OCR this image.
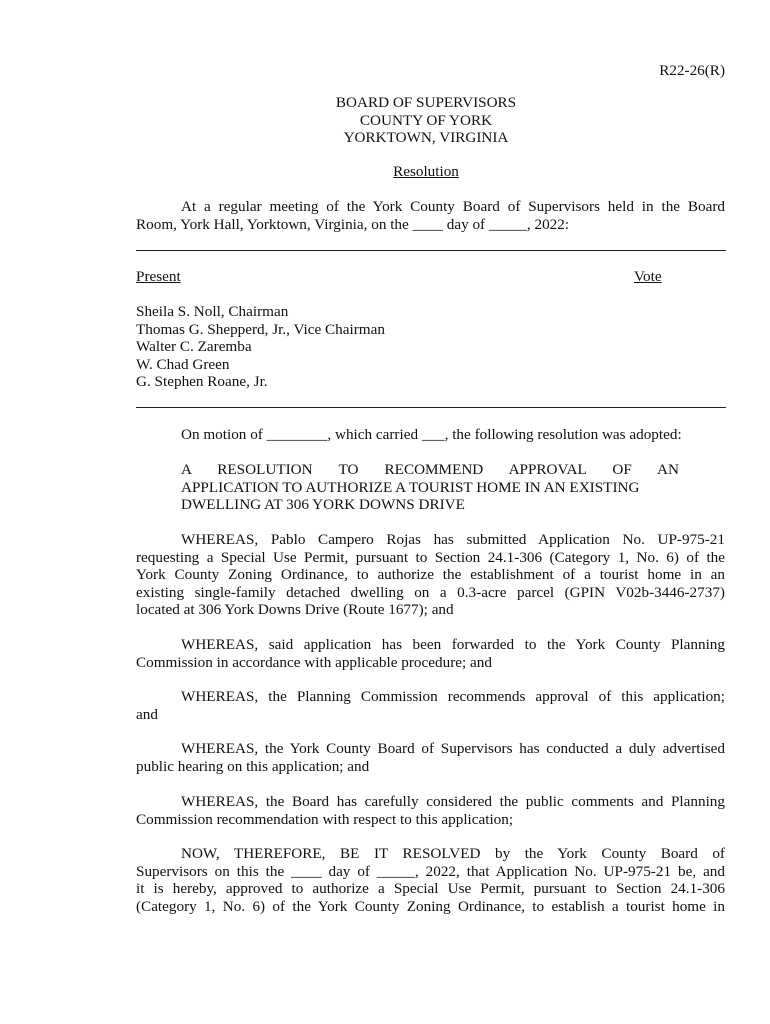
R22-26(R)
BOARD OF SUPERVISORS
COUNTY OF YORK
YORKTOWN, VIRGINIA
Resolution
At a regular meeting of the York County Board of Supervisors held in the Board
Room, York Hall, Yorktown, Virginia, on the ____ day of _____, 2022:
Present	Vote
Sheila S. Noll, Chairman
Thomas G. Shepperd, Jr., Vice Chairman
Walter C. Zaremba
W. Chad Green
G. Stephen Roane, Jr.
On motion of ________, which carried ___, the following resolution was adopted:
A RESOLUTION TO RECOMMEND APPROVAL OF AN
APPLICATION TO AUTHORIZE A TOURIST HOME IN AN EXISTING
DWELLING AT 306 YORK DOWNS DRIVE
WHEREAS, Pablo Campero Rojas has submitted Application No. UP-975-21
requesting a Special Use Permit, pursuant to Section 24.1-306 (Category 1, No. 6) of the
York County Zoning Ordinance, to authorize the establishment of a tourist home in an
existing single-family detached dwelling on a 0.3-acre parcel (GPIN V02b-3446-2737)
located at 306 York Downs Drive (Route 1677); and
WHEREAS, said application has been forwarded to the York County Planning
Commission in accordance with applicable procedure; and
WHEREAS, the Planning Commission recommends approval of this application;
and
WHEREAS, the York County Board of Supervisors has conducted a duly advertised
public hearing on this application; and
WHEREAS, the Board has carefully considered the public comments and Planning
Commission recommendation with respect to this application;
NOW, THEREFORE, BE IT RESOLVED by the York County Board of
Supervisors on this the ____ day of _____, 2022, that Application No. UP-975-21 be, and
it is hereby, approved to authorize a Special Use Permit, pursuant to Section 24.1-306
(Category 1, No. 6) of the York County Zoning Ordinance, to establish a tourist home in
